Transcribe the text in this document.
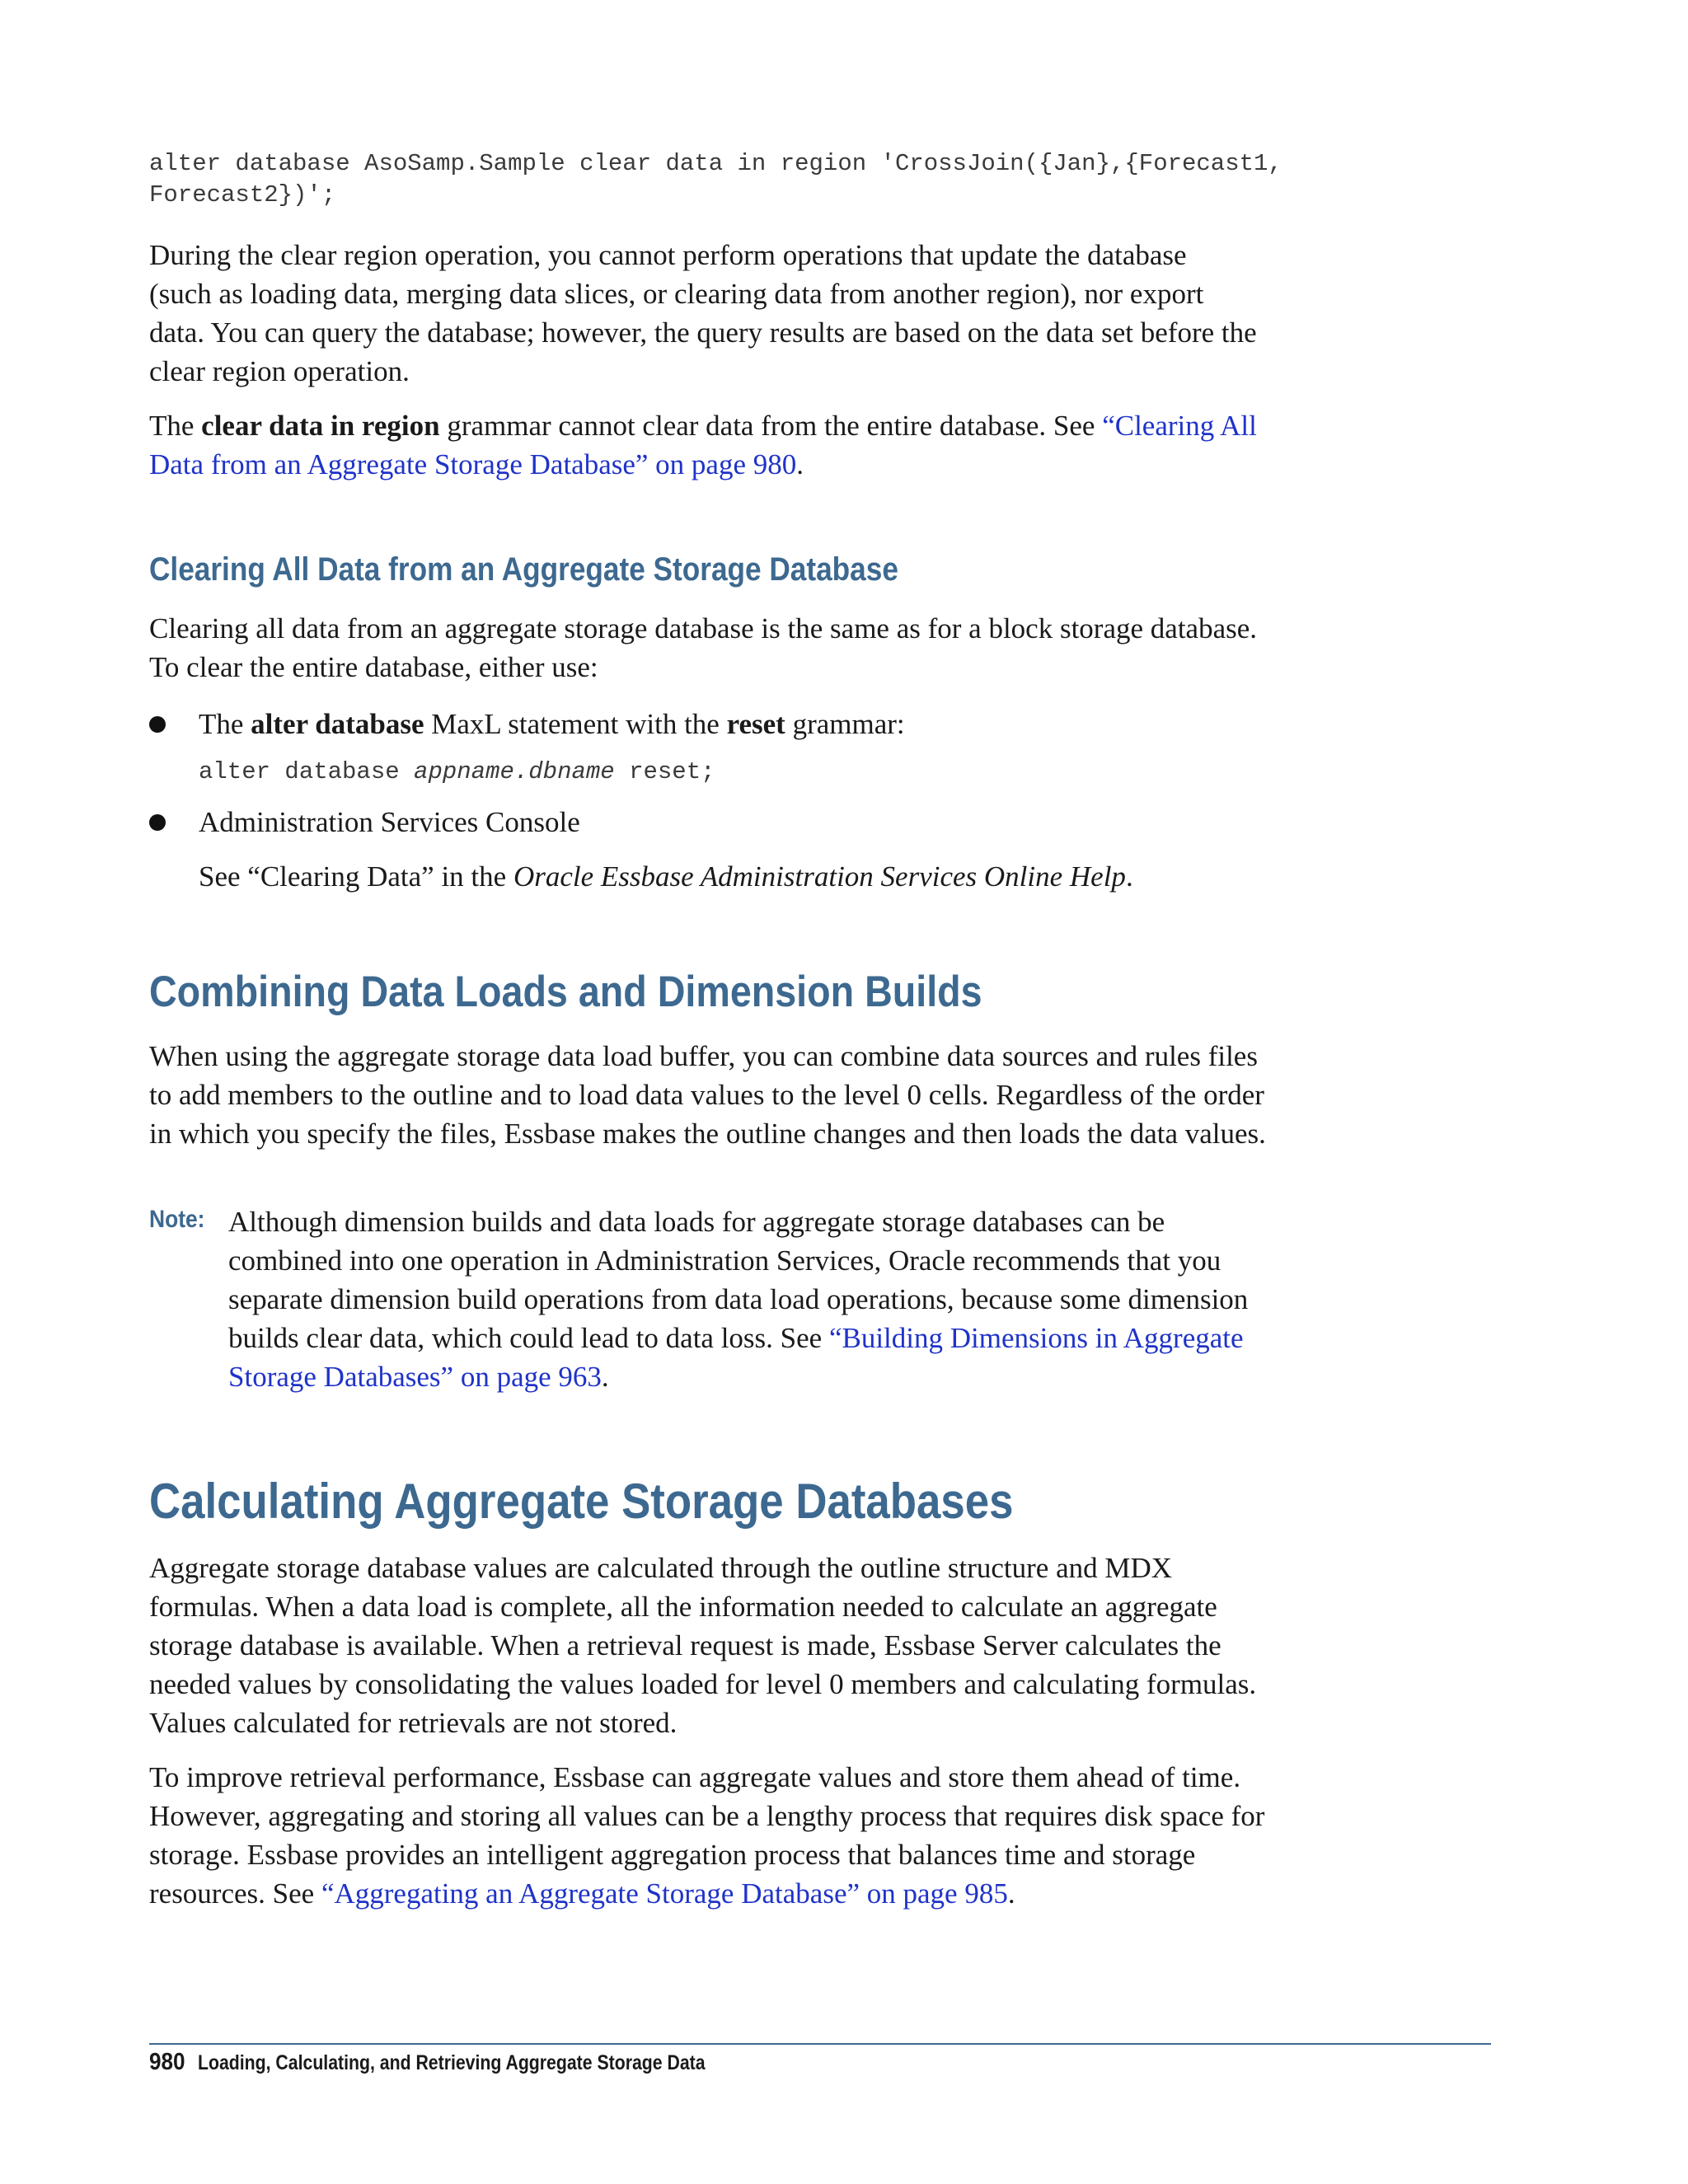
alter database AsoSamp.Sample clear data in region 'CrossJoin({Jan},{Forecast1,

Forecast2})';

During the clear region operation, you cannot perform operations that update the database

(such as loading data, merging data slices, or clearing data from another region), nor export

data. You can query the database; however, the query results are based on the data set before the

clear region operation.

The clear data in region grammar cannot clear data from the entire database. See “Clearing All

Data from an Aggregate Storage Database” on page 980.

Clearing All Data from an Aggregate Storage Database

Clearing all data from an aggregate storage database is the same as for a block storage database.

To clear the entire database, either use:

The alter database MaxL statement with the reset grammar:

alter database appname.dbname reset;

Administration Services Console

See “Clearing Data” in the Oracle Essbase Administration Services Online Help.

Combining Data Loads and Dimension Builds

When using the aggregate storage data load buffer, you can combine data sources and rules files

to add members to the outline and to load data values to the level 0 cells. Regardless of the order

in which you specify the files, Essbase makes the outline changes and then loads the data values.

Note: Although dimension builds and data loads for aggregate storage databases can be

combined into one operation in Administration Services, Oracle recommends that you

separate dimension build operations from data load operations, because some dimension

builds clear data, which could lead to data loss. See “Building Dimensions in Aggregate

Storage Databases” on page 963.

Calculating Aggregate Storage Databases

Aggregate storage database values are calculated through the outline structure and MDX

formulas. When a data load is complete, all the information needed to calculate an aggregate

storage database is available. When a retrieval request is made, Essbase Server calculates the

needed values by consolidating the values loaded for level 0 members and calculating formulas.

Values calculated for retrievals are not stored.

To improve retrieval performance, Essbase can aggregate values and store them ahead of time.

However, aggregating and storing all values can be a lengthy process that requires disk space for

storage. Essbase provides an intelligent aggregation process that balances time and storage

resources. See “Aggregating an Aggregate Storage Database” on page 985.

980 Loading, Calculating, and Retrieving Aggregate Storage Data
